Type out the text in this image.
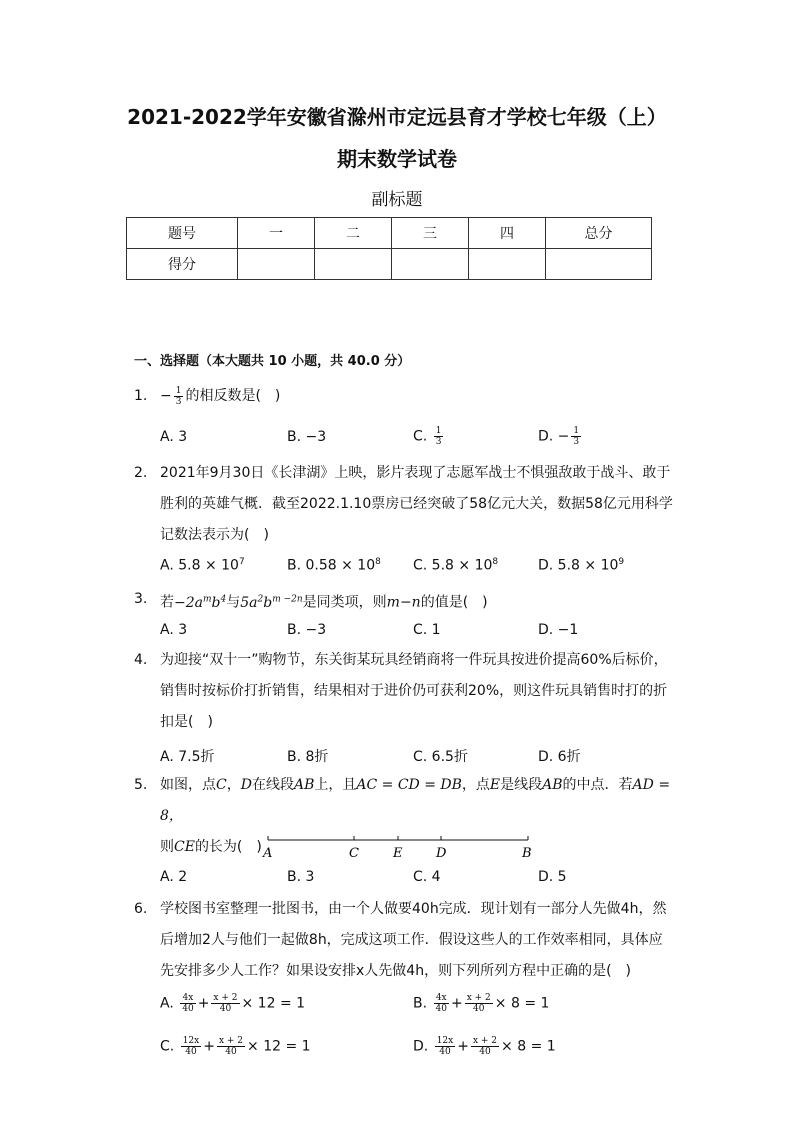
2021-2022学年安徽省滁州市定远县育才学校七年级（上）
期末数学试卷
副标题
题号	一	二	三	四	总分
得分					
一、选择题（本大题共 10 小题，共 40.0 分）
1. − $\frac{1}{3}$ 的相反数是(　)
A. 3	B. −3	C. $\frac{1}{3}$	D. − $\frac{1}{3}$
2. 2021年9月30日《长津湖》上映，影片表现了志愿军战士不惧强敌敢于战斗、敢于
胜利的英雄气概．截至2022.1.10票房已经突破了58亿元大关，数据58亿元用科学
记数法表示为(　)
A. $5.8 \times 10^7$	B. $0.58 \times 10^8$ C. $5.8 \times 10^8$	D. $5.8 \times 10^9$
3. 若$-2a^mb^4$与$5a^2b^{m -2n}$是同类项，则m−n的值是(　)
A. 3	B. −3	C. 1	D. −1
4. 为迎接“双十一”购物节，东关街某玩具经销商将一件玩具按进价提高60%后标价，
销售时按标价打折销售，结果相对于进价仍可获利20%，则这件玩具销售时打的折
扣是(　)
A. 7.5折	B. 8折	C. 6.5折	D. 6折
5. 如图，点C，D在线段AB上，且AC = CD = DB，点E是线段AB的中点．若AD = 8，
则CE的长为(　) A	C	E	D	B
A. 2	B. 3	C. 4	D. 5
6. 学校图书室整理一批图书，由一个人做要40h完成．现计划有一部分人先做4h，然
后增加2人与他们一起做8h，完成这项工作．假设这些人的工作效率相同，具体应
先安排多少人工作？如果设安排x人先做4h，则下列所列方程中正确的是(　)
A. $\frac{4x}{40} + \frac{x + 2}{40} \times 12 = 1$	B. $\frac{4x}{40} + \frac{x + 2}{40} \times 8 = 1$
C. $\frac{12x}{40} + \frac{x + 2}{40} \times 12 = 1$	D. $\frac{12x}{40} + \frac{x + 2}{40} \times 8 = 1$
